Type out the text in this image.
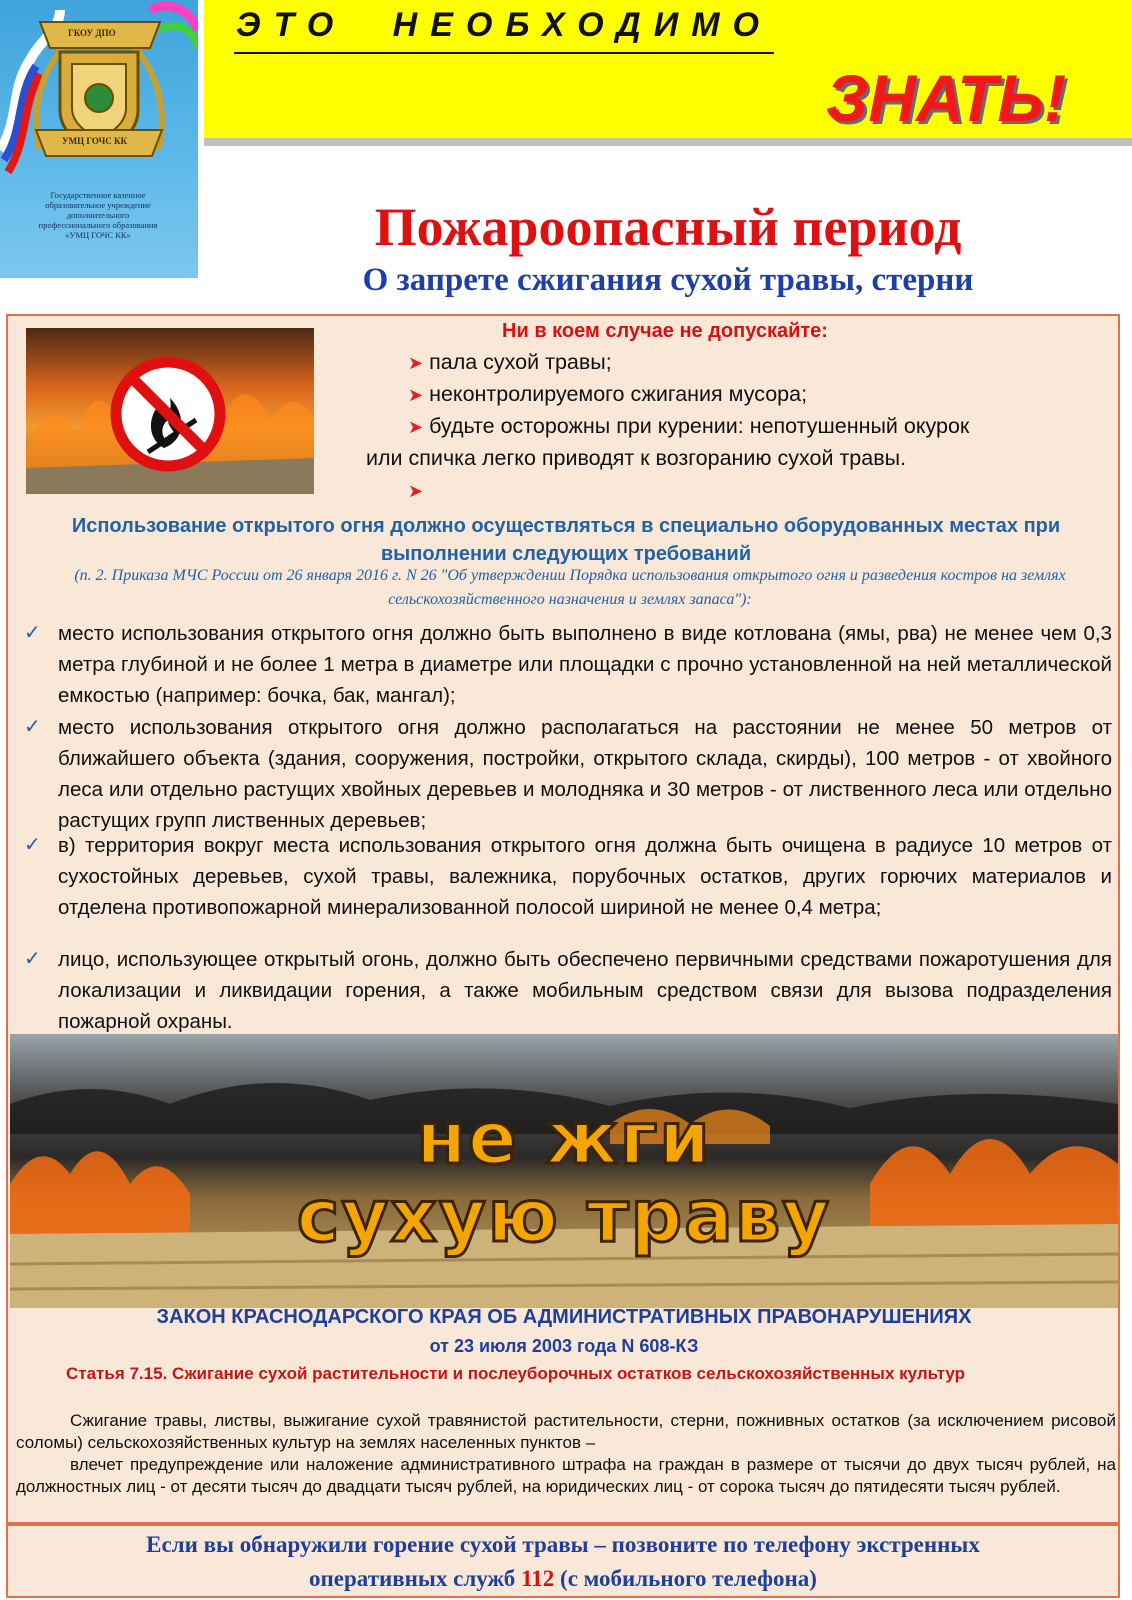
ГКОУ ДПО
УМЦ ГОЧС КК
Государственное казенное
образовательное учреждение
дополнительного
профессионального образования
«УМЦ ГОЧС КК»
ЭТО НЕОБХОДИМО
ЗНАТЬ!
Пожароопасный период
О запрете сжигания сухой травы, стерни
Ни в коем случае не допускайте:
➤ пала сухой травы;
➤ неконтролируемого сжигания мусора;
➤ будьте осторожны при курении: непотушенный окурок
или спичка легко приводят к возгоранию сухой травы.
➤
Использование открытого огня должно осуществляться в специально оборудованных местах при выполнении следующих требований
(п. 2. Приказа МЧС России от 26 января 2016 г. N 26 "Об утверждении Порядка использования открытого огня и разведения костров на землях сельскохозяйственного назначения и землях запаса"):
✓ место использования открытого огня должно быть выполнено в виде котлована (ямы, рва) не менее чем 0,3 метра глубиной и не более 1 метра в диаметре или площадки с прочно установленной на ней металлической емкостью (например: бочка, бак, мангал);
✓ место использования открытого огня должно располагаться на расстоянии не менее 50 метров от ближайшего объекта (здания, сооружения, постройки, открытого склада, скирды), 100 метров - от хвойного леса или отдельно растущих хвойных деревьев и молодняка и 30 метров - от лиственного леса или отдельно растущих групп лиственных деревьев;
✓ в) территория вокруг места использования открытого огня должна быть очищена в радиусе 10 метров от сухостойных деревьев, сухой травы, валежника, порубочных остатков, других горючих материалов и отделена противопожарной минерализованной полосой шириной не менее 0,4 метра;
✓ лицо, использующее открытый огонь, должно быть обеспечено первичными средствами пожаротушения для локализации и ликвидации горения, а также мобильным средством связи для вызова подразделения пожарной охраны.
не жги
сухую траву
ЗАКОН КРАСНОДАРСКОГО КРАЯ ОБ АДМИНИСТРАТИВНЫХ ПРАВОНАРУШЕНИЯХ
от 23 июля 2003 года N 608-КЗ
Статья 7.15. Сжигание сухой растительности и послеуборочных остатков сельскохозяйственных культур
Сжигание травы, листвы, выжигание сухой травянистой растительности, стерни, пожнивных остатков (за исключением рисовой соломы) сельскохозяйственных культур на землях населенных пунктов –
влечет предупреждение или наложение административного штрафа на граждан в размере от тысячи до двух тысяч рублей, на должностных лиц - от десяти тысяч до двадцати тысяч рублей, на юридических лиц - от сорока тысяч до пятидесяти тысяч рублей.
Если вы обнаружили горение сухой травы – позвоните по телефону экстренных
оперативных служб 112 (с мобильного телефона)
